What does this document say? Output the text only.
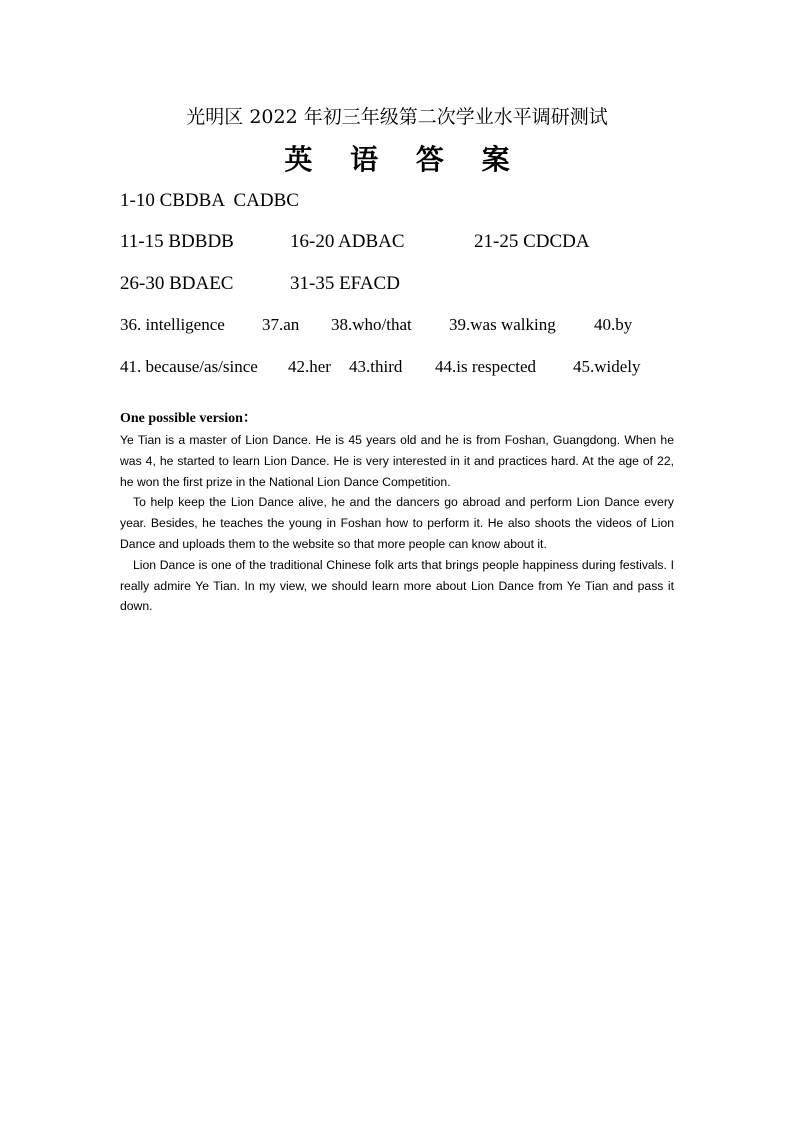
光明区 2022 年初三年级第二次学业水平调研测试
英 语 答 案
1-10 CBDBA  CADBC
11-15 BDBDB	16-20 ADBAC	21-25 CDCDA
26-30 BDAEC	31-35 EFACD
36. intelligence 37.an 38.who/that 39.was walking 40.by
41. because/as/since 42.her 43.third 44.is respected 45.widely
One possible version：

Ye Tian is a master of Lion Dance. He is 45 years old and he is from Foshan, Guangdong. When he was 4, he started to learn Lion Dance. He is very interested in it and practices hard. At the age of 22, he won the first prize in the National Lion Dance Competition.

To help keep the Lion Dance alive, he and the dancers go abroad and perform Lion Dance every year. Besides, he teaches the young in Foshan how to perform it. He also shoots the videos of Lion Dance and uploads them to the website so that more people can know about it.

Lion Dance is one of the traditional Chinese folk arts that brings people happiness during festivals. I really admire Ye Tian. In my view, we should learn more about Lion Dance from Ye Tian and pass it down.
